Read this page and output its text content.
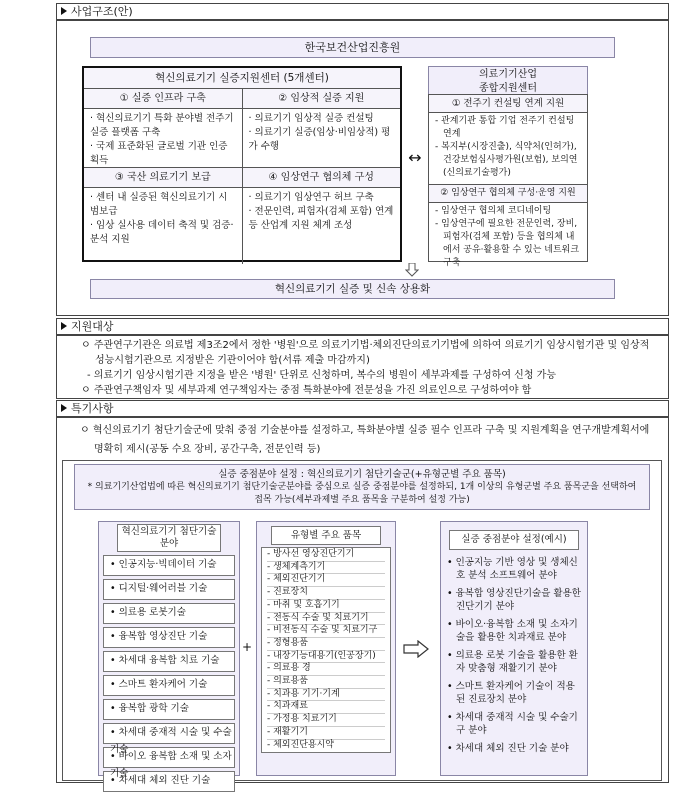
사업구조(안)
한국보건산업진흥원
혁신의료기기 실증지원센터 (5개센터)
① 실증 인프라 구축	② 임상적 실증 지원
· 혁신의료기기 특화 분야별 전주기 실증 플랫폼 구축
· 국제 표준화된 글로벌 기관 인증 획득
· 의료기기 임상적 실증 컨설팅
· 의료기기 실증(임상·비임상적) 평가 수행
③ 국산 의료기기 보급	④ 임상연구 협의체 구성
· 센터 내 실증된 혁신의료기기 시범보급
· 임상 실사용 데이터 축적 및 검증·분석 지원
· 의료기기 임상연구 허브 구축
· 전문인력, 피험자(검체 포함) 연계 등 산업계 지원 체계 조성
↔
의료기기산업
종합지원센터
① 전주기 컨설팅 연계 지원
- 관계기관 통합 기업 전주기 컨설팅 연계
- 복지부(시장진출), 식약처(인허가), 건강보험심사평가원(보험), 보의연(신의료기술평가)
② 임상연구 협의체 구성·운영 지원
- 임상연구 협의체 코디네이팅
- 임상연구에 필요한 전문인력, 장비, 피험자(검체 포함) 등을 협의체 내에서 공유·활용할 수 있는 네트워크 구축
혁신의료기기 실증 및 신속 상용화
지원대상
ㅇ 주관연구기관은 의료법 제3조2에서 정한 '병원'으로 의료기기법·체외진단의료기기법에 의하여 의료기기 임상시험기관 및 임상적 성능시험기관으로 지정받은 기관이어야 함(서류 제출 마감까지)
- 의료기기 임상시험기관 지정을 받은 '병원' 단위로 신청하며, 복수의 병원이 세부과제를 구성하여 신청 가능
ㅇ 주관연구책임자 및 세부과제 연구책임자는 중점 특화분야에 전문성을 가진 의료인으로 구성하여야 함
특기사항
ㅇ 혁신의료기기 첨단기술군에 맞춰 중점 기술분야를 설정하고, 특화분야별 실증 필수 인프라 구축 및 지원계획을 연구개발계획서에 명확히 제시(공동 수요 장비, 공간구축, 전문인력 등)
실증 중점분야 설정 : 혁신의료기기 첨단기술군(+유형군별 주요 품목)
* 의료기기산업법에 따른 혁신의료기기 첨단기술군분야를 중심으로 실증 중점분야를 설정하되, 1개 이상의 유형군별 주요 품목군을 선택하여 접목 가능(세부과제별 주요 품목을 구분하여 설정 가능)
혁신의료기기 첨단기술분야
• 인공지능·빅데이터 기술
• 디지털·웨어러블 기술
• 의료용 로봇기술
• 융복합 영상진단 기술
• 차세대 융복합 치료 기술
• 스마트 환자케어 기술
• 융복합 광학 기술
• 차세대 중재적 시술 및 수술
• 바이오 융복합 소재 및 소자
• 차세대 체외 진단 기술
+
유형별 주요 품목
- 방사선 영상진단기기
- 생체계측기기
- 체외진단기기
- 진료장치
- 마취 및 호흡기기
- 전동식 수술 및 치료기기
- 비전동식 수술 및 치료기구
- 정형용품
- 내장기능대용기(인공장기)
- 의료용 경
- 의료용품
- 치과용 기기·기계
- 치과재료
- 가정용 치료기기
- 재활기기
- 체외진단용시약
실증 중점분야 설정(예시)
• 인공지능 기반 영상 및 생체신호 분석 소프트웨어 분야
• 융복합 영상진단기술을 활용한 진단기기 분야
• 바이오·융복합 소재 및 소자기술을 활용한 치과재료 분야
• 의료용 로봇 기술을 활용한 환자 맞춤형 재활기기 분야
• 스마트 환자케어 기술이 적용된 진료장치 분야
• 차세대 중재적 시술 및 수술기구 분야
• 차세대 체외 진단 기술 분야
